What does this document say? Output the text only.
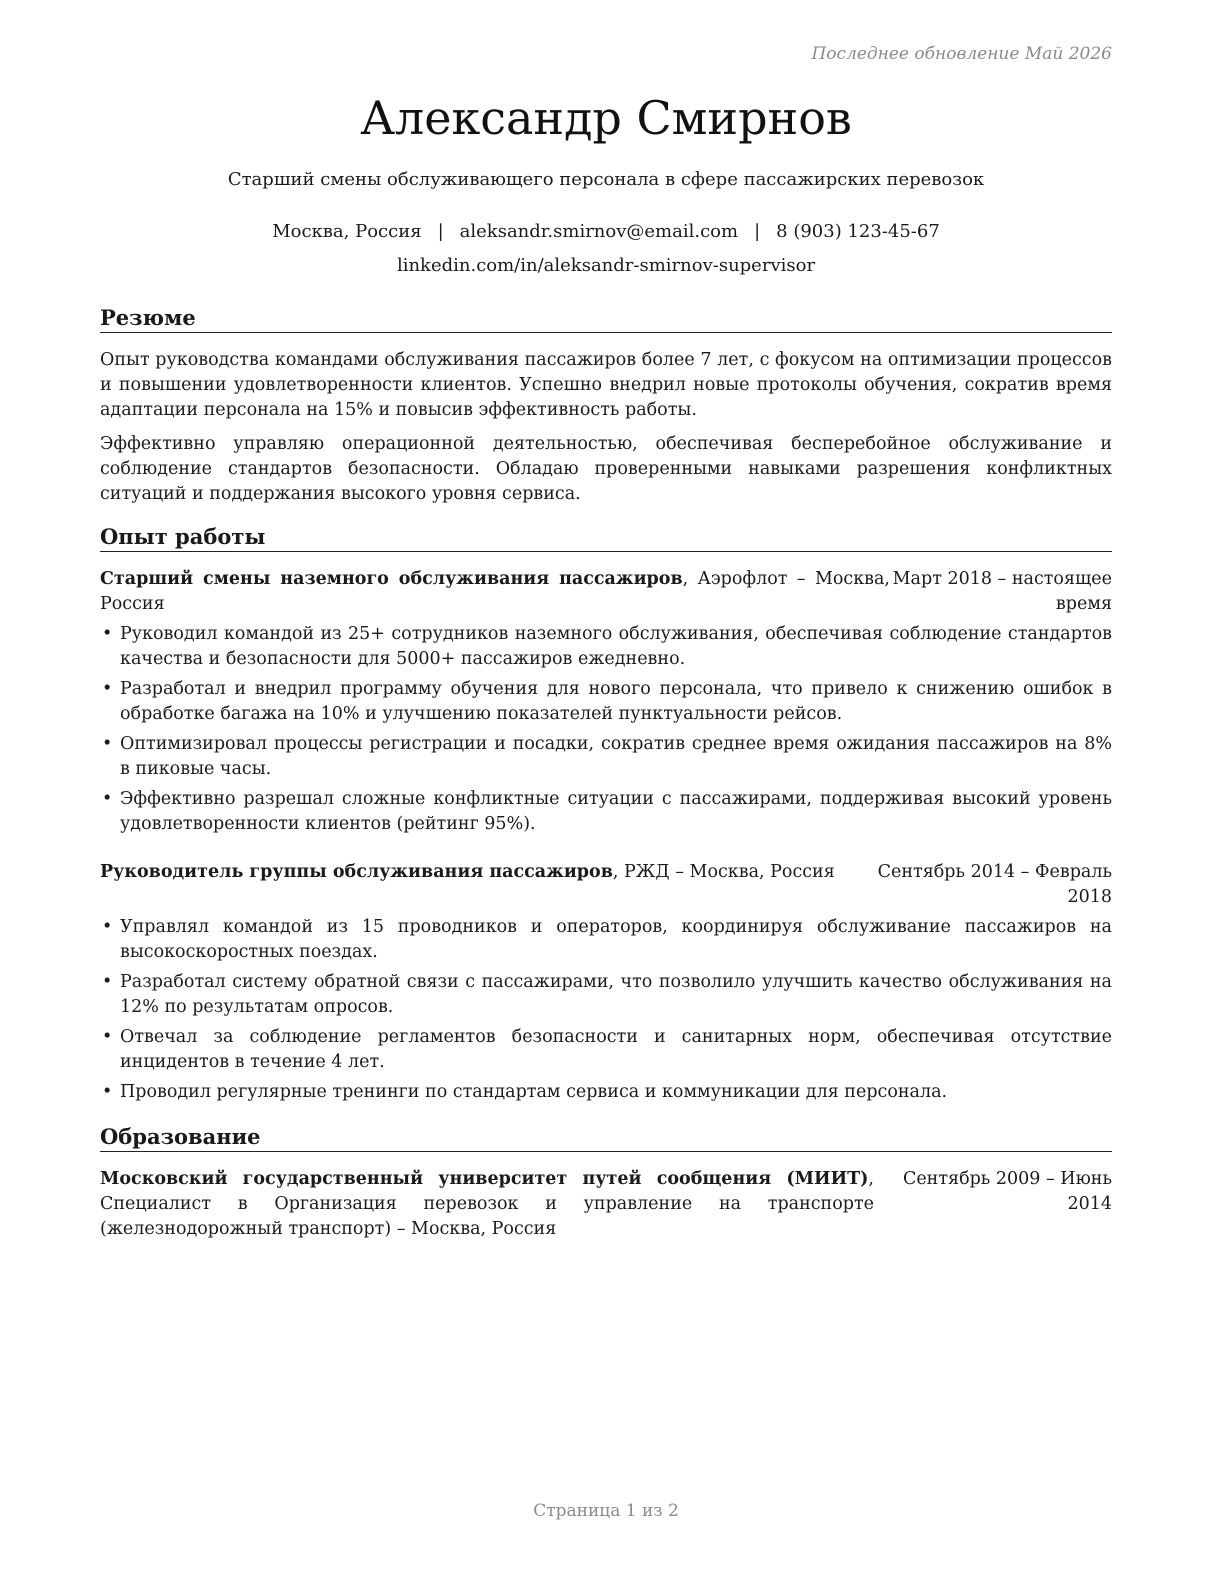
Последнее обновление Май 2026
Александр Смирнов
Старший смены обслуживающего персонала в сфере пассажирских перевозок
Москва, Россия | aleksandr.smirnov@email.com | 8 (903) 123-45-67
linkedin.com/in/aleksandr-smirnov-supervisor
Резюме
Опыт руководства командами обслуживания пассажиров более 7 лет, с фокусом на оптимизации процессов и повышении удовлетворенности клиентов. Успешно внедрил новые протоколы обучения, сократив время адаптации персонала на 15% и повысив эффективность работы.
Эффективно управляю операционной деятельностью, обеспечивая бесперебойное обслуживание и соблюдение стандартов безопасности. Обладаю проверенными навыками разрешения конфликтных ситуаций и поддержания высокого уровня сервиса.
Опыт работы
Старший смены наземного обслуживания пассажиров, Аэрофлот – Москва, Россия
Март 2018 – настоящее
время
• Руководил командой из 25+ сотрудников наземного обслуживания, обеспечивая соблюдение стандартов качества и безопасности для 5000+ пассажиров ежедневно.
• Разработал и внедрил программу обучения для нового персонала, что привело к снижению ошибок в обработке багажа на 10% и улучшению показателей пунктуальности рейсов.
• Оптимизировал процессы регистрации и посадки, сократив среднее время ожидания пассажиров на 8% в пиковые часы.
• Эффективно разрешал сложные конфликтные ситуации с пассажирами, поддерживая высокий уровень удовлетворенности клиентов (рейтинг 95%).
Руководитель группы обслуживания пассажиров, РЖД – Москва, Россия	Сентябрь 2014 – Февраль
2018
• Управлял командой из 15 проводников и операторов, координируя обслуживание пассажиров на высокоскоростных поездах.
• Разработал систему обратной связи с пассажирами, что позволило улучшить качество обслуживания на 12% по результатам опросов.
• Отвечал за соблюдение регламентов безопасности и санитарных норм, обеспечивая отсутствие инцидентов в течение 4 лет.
• Проводил регулярные тренинги по стандартам сервиса и коммуникации для персонала.
Образование
Московский государственный университет путей сообщения (МИИТ), Специалист в Организация перевозок и управление на транспорте (железнодорожный транспорт) – Москва, Россия
Сентябрь 2009 – Июнь
2014
Страница 1 из 2
